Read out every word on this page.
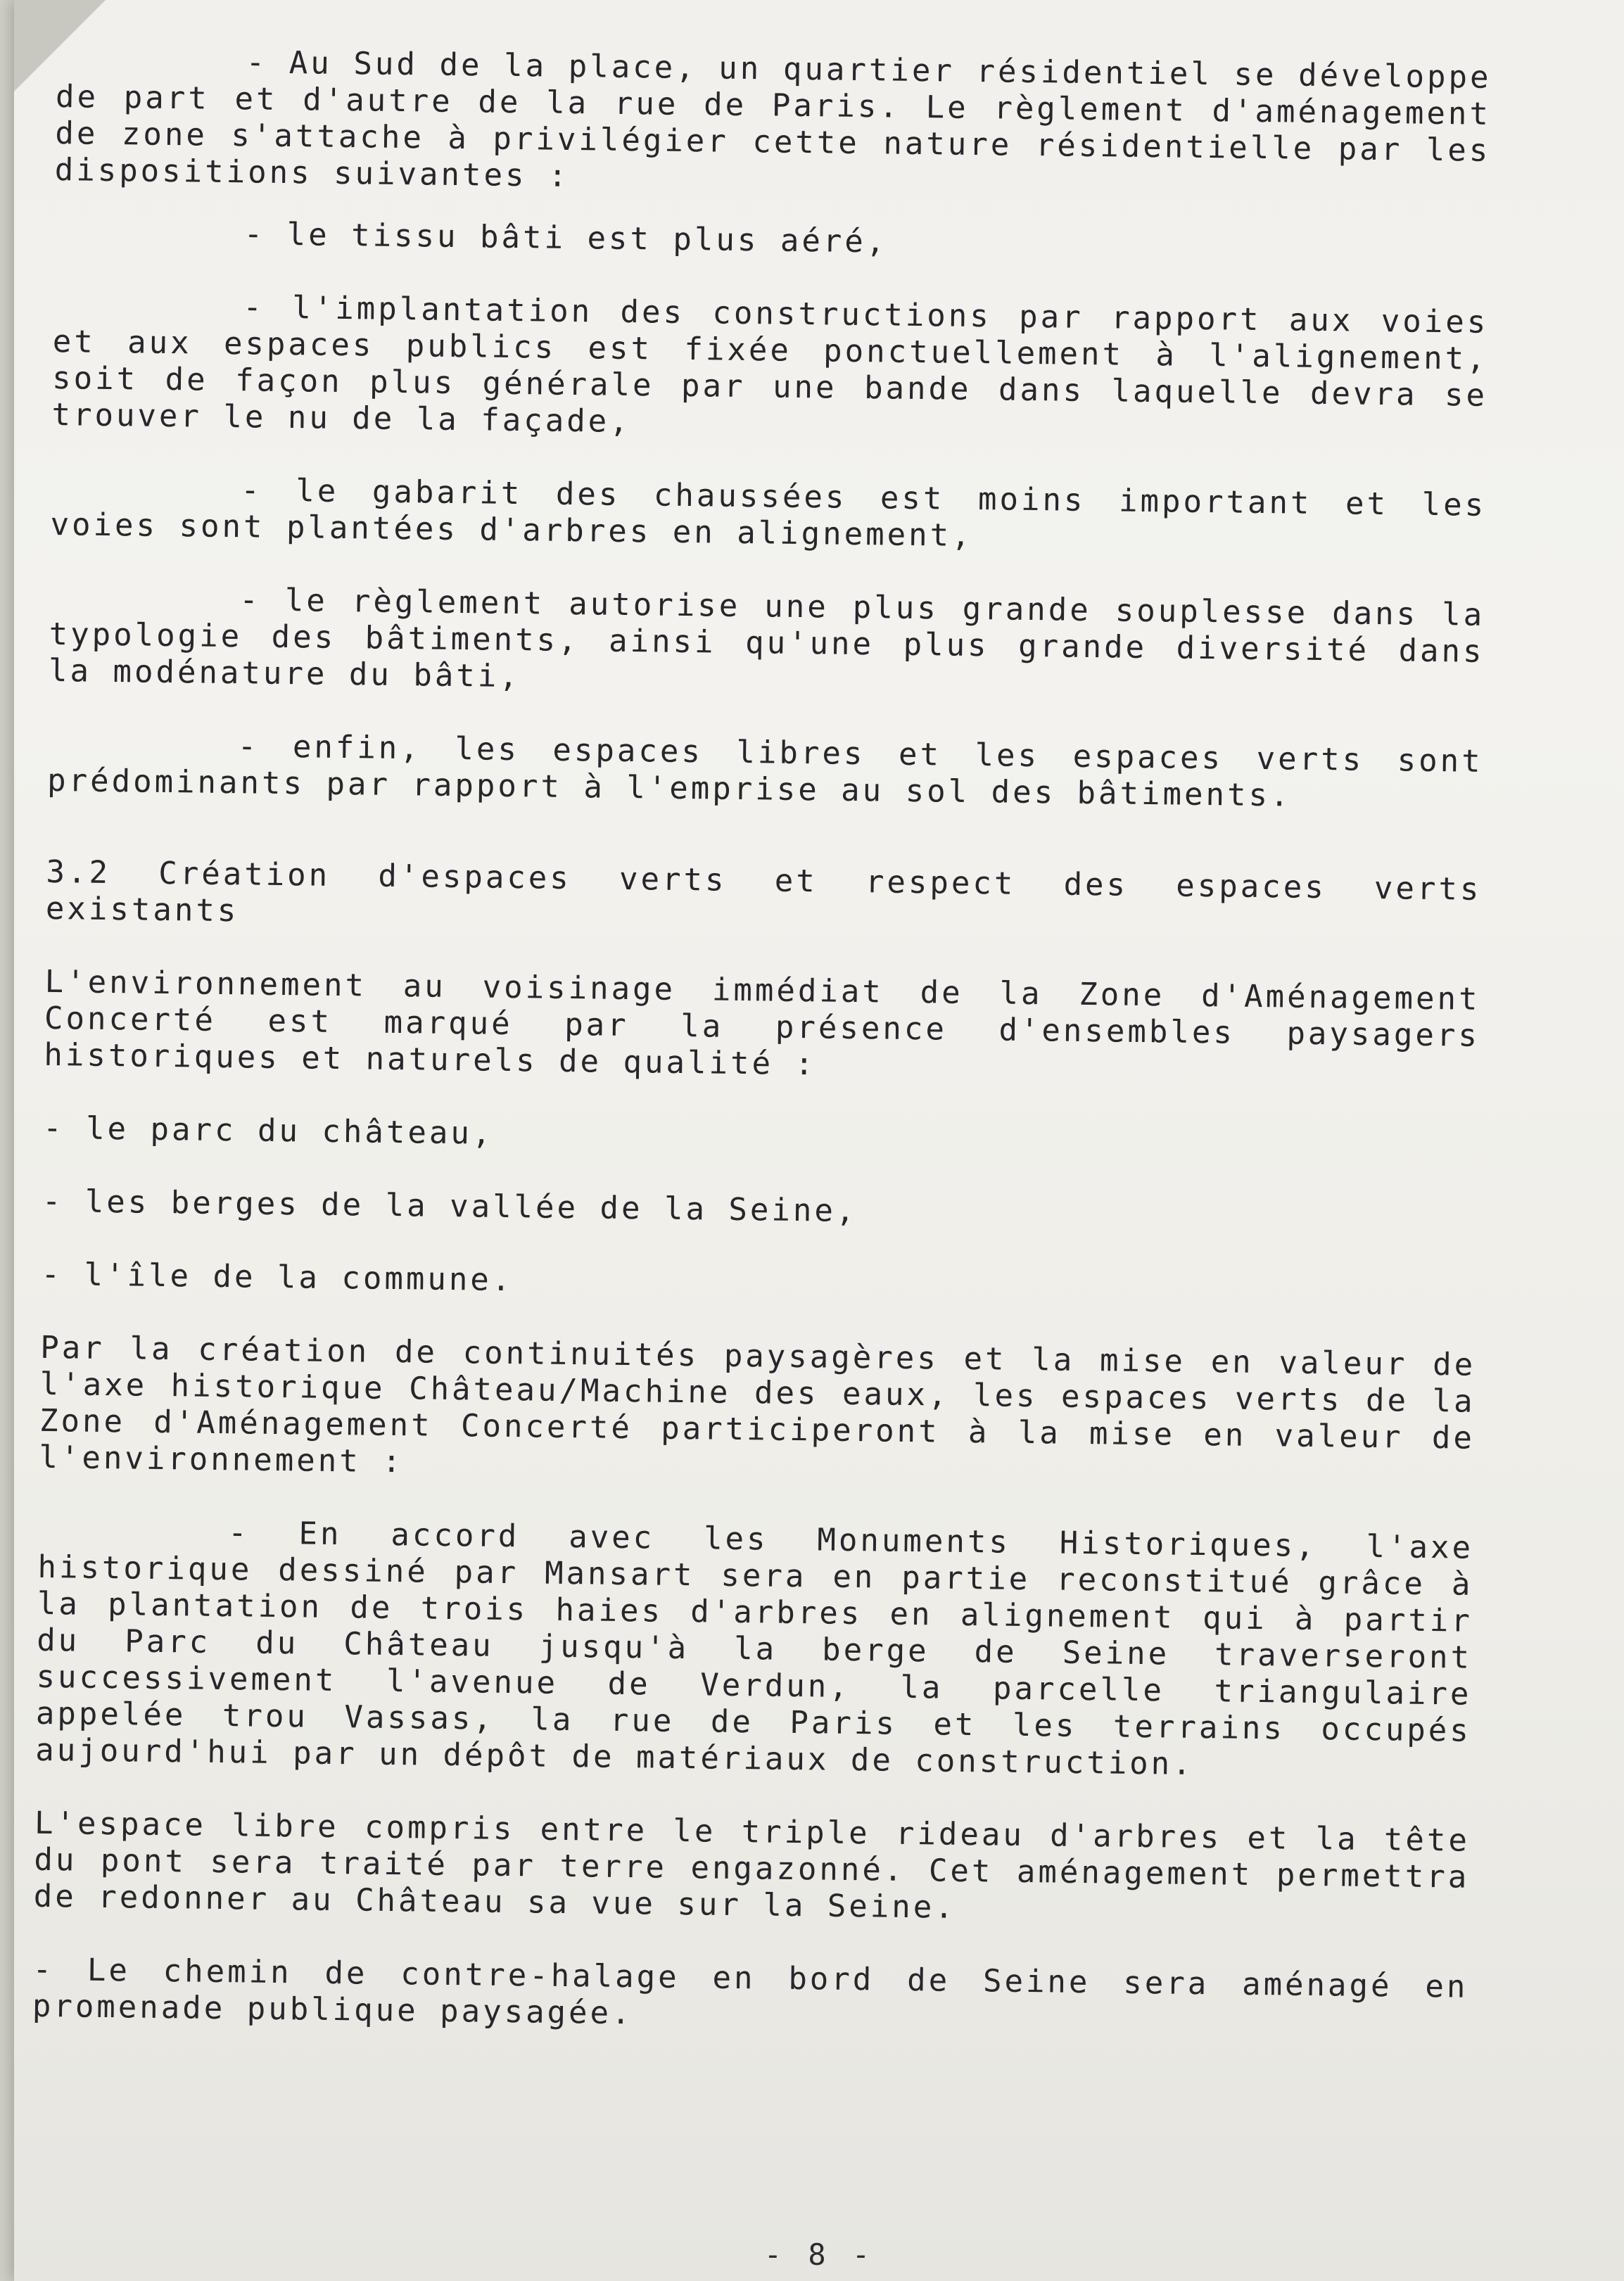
- Au Sud de la place, un quartier résidentiel se développe de part et d'autre de la rue de Paris. Le règlement d'aménagement de zone s'attache à privilégier cette nature résidentielle par les dispositions suivantes :

- le tissu bâti est plus aéré,

- l'implantation des constructions par rapport aux voies et aux espaces publics est fixée ponctuellement à l'alignement, soit de façon plus générale par une bande dans laquelle devra se trouver le nu de la façade,

- le gabarit des chaussées est moins important et les voies sont plantées d'arbres en alignement,

- le règlement autorise une plus grande souplesse dans la typologie des bâtiments, ainsi qu'une plus grande diversité dans la modénature du bâti,

- enfin, les espaces libres et les espaces verts sont prédominants par rapport à l'emprise au sol des bâtiments.

3.2 Création d'espaces verts et respect des espaces verts existants

L'environnement au voisinage immédiat de la Zone d'Aménagement Concerté est marqué par la présence d'ensembles paysagers historiques et naturels de qualité :

- le parc du château,

- les berges de la vallée de la Seine,

- l'île de la commune.

Par la création de continuités paysagères et la mise en valeur de l'axe historique Château/Machine des eaux, les espaces verts de la Zone d'Aménagement Concerté participeront à la mise en valeur de l'environnement :

- En accord avec les Monuments Historiques, l'axe historique dessiné par Mansart sera en partie reconstitué grâce à la plantation de trois haies d'arbres en alignement qui à partir du Parc du Château jusqu'à la berge de Seine traverseront successivement l'avenue de Verdun, la parcelle triangulaire appelée trou Vassas, la rue de Paris et les terrains occupés aujourd'hui par un dépôt de matériaux de construction.

L'espace libre compris entre le triple rideau d'arbres et la tête du pont sera traité par terre engazonné. Cet aménagement permettra de redonner au Château sa vue sur la Seine.

- Le chemin de contre-halage en bord de Seine sera aménagé en promenade publique paysagée.

- 8 -
